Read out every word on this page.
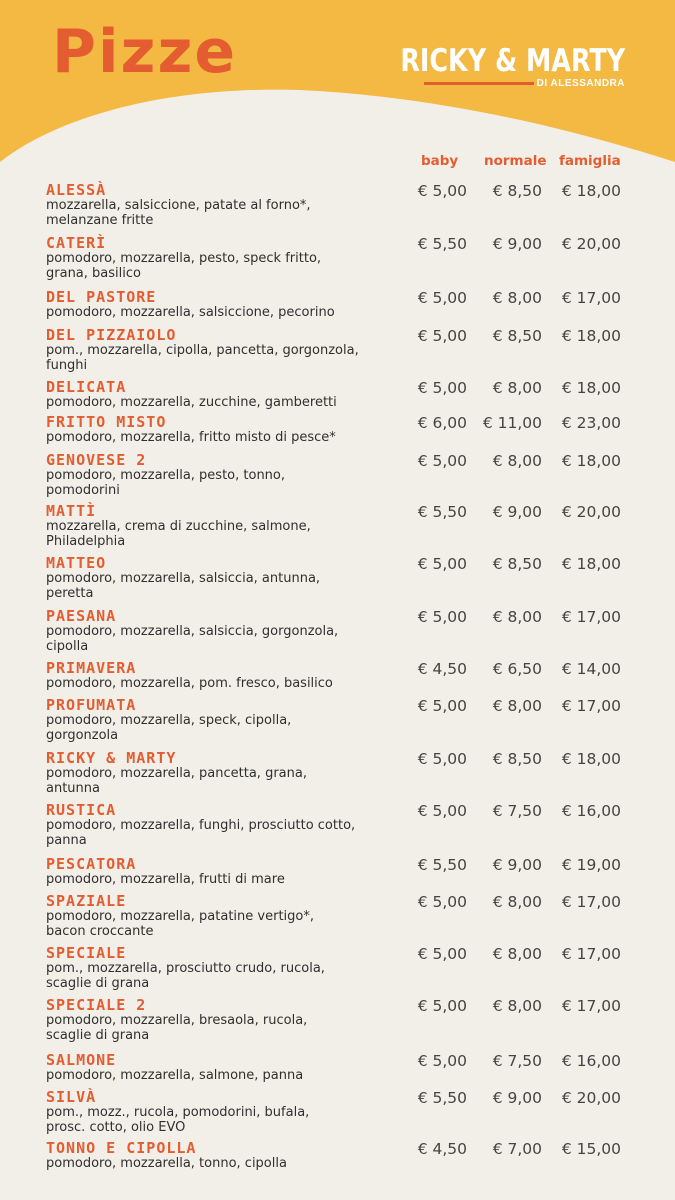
Pizze	RICKY & MARTY
DI ALESSANDRA
baby normale famiglia
ALESSÀ
mozzarella, salsiccione, patate al forno*,
melanzane fritte
€ 5,00	€ 8,50	€ 18,00
CATERÌ
pomodoro, mozzarella, pesto, speck fritto,
grana, basilico
€ 5,50	€ 9,00	€ 20,00
DEL PASTORE
pomodoro, mozzarella, salsiccione, pecorino
€ 5,00	€ 8,00	€ 17,00
DEL PIZZAIOLO
pom., mozzarella, cipolla, pancetta, gorgonzola,
funghi
€ 5,00	€ 8,50	€ 18,00
DELICATA
pomodoro, mozzarella, zucchine, gamberetti
€ 5,00	€ 8,00	€ 18,00
FRITTO MISTO
pomodoro, mozzarella, fritto misto di pesce*
€ 6,00	€ 11,00	€ 23,00
GENOVESE 2
pomodoro, mozzarella, pesto, tonno,
pomodorini
€ 5,00	€ 8,00	€ 18,00
MATTÌ
mozzarella, crema di zucchine, salmone,
Philadelphia
€ 5,50	€ 9,00	€ 20,00
MATTEO
pomodoro, mozzarella, salsiccia, antunna,
peretta
€ 5,00	€ 8,50	€ 18,00
PAESANA
pomodoro, mozzarella, salsiccia, gorgonzola,
cipolla
€ 5,00	€ 8,00	€ 17,00
PRIMAVERA
pomodoro, mozzarella, pom. fresco, basilico
€ 4,50	€ 6,50	€ 14,00
PROFUMATA
pomodoro, mozzarella, speck, cipolla,
gorgonzola
€ 5,00	€ 8,00	€ 17,00
RICKY & MARTY
pomodoro, mozzarella, pancetta, grana,
antunna
€ 5,00	€ 8,50	€ 18,00
RUSTICA
pomodoro, mozzarella, funghi, prosciutto cotto,
panna
€ 5,00	€ 7,50	€ 16,00
PESCATORA
pomodoro, mozzarella, frutti di mare
€ 5,50	€ 9,00	€ 19,00
SPAZIALE
pomodoro, mozzarella, patatine vertigo*,
bacon croccante
€ 5,00	€ 8,00	€ 17,00
SPECIALE
pom., mozzarella, prosciutto crudo, rucola,
scaglie di grana
€ 5,00	€ 8,00	€ 17,00
SPECIALE 2
pomodoro, mozzarella, bresaola, rucola,
scaglie di grana
€ 5,00	€ 8,00	€ 17,00
SALMONE
pomodoro, mozzarella, salmone, panna
€ 5,00	€ 7,50	€ 16,00
SILVÀ
pom., mozz., rucola, pomodorini, bufala,
prosc. cotto, olio EVO
€ 5,50	€ 9,00	€ 20,00
TONNO E CIPOLLA
pomodoro, mozzarella, tonno, cipolla
€ 4,50	€ 7,00	€ 15,00
